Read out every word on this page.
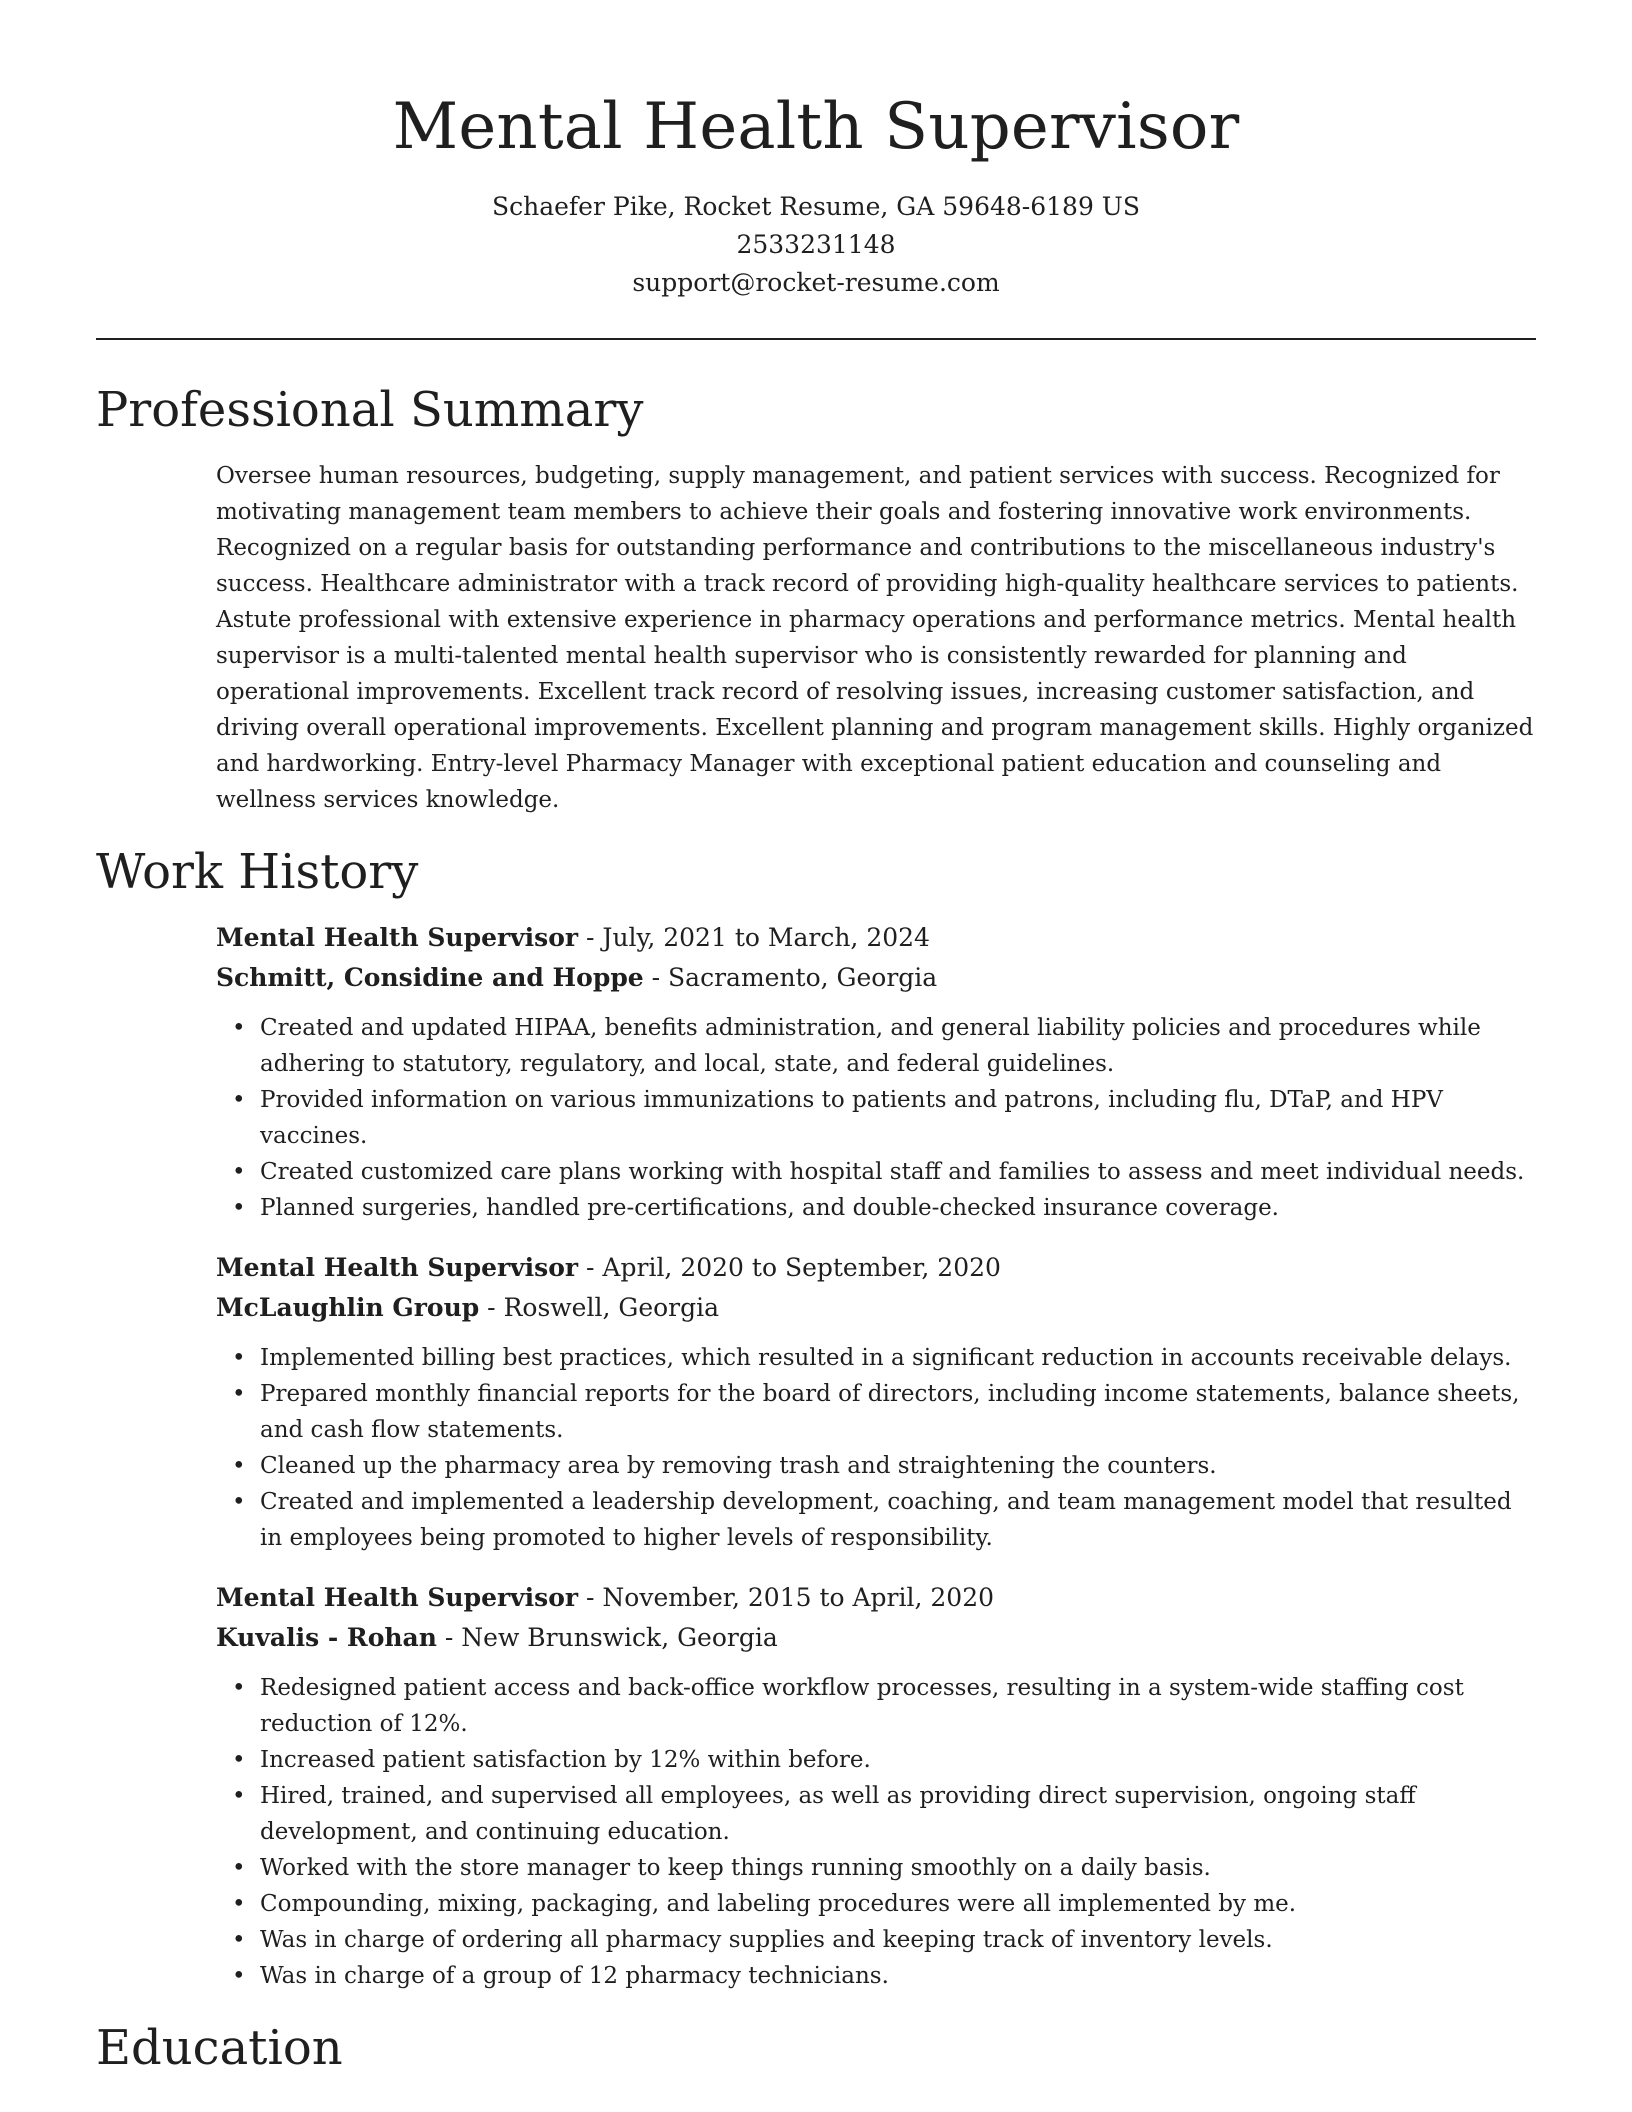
Mental Health Supervisor
Schaefer Pike, Rocket Resume, GA 59648-6189 US
2533231148
support@rocket-resume.com
Professional Summary

Oversee human resources, budgeting, supply management, and patient services with success. Recognized for motivating management team members to achieve their goals and fostering innovative work environments. Recognized on a regular basis for outstanding performance and contributions to the miscellaneous industry's success. Healthcare administrator with a track record of providing high-quality healthcare services to patients. Astute professional with extensive experience in pharmacy operations and performance metrics. Mental health supervisor is a multi-talented mental health supervisor who is consistently rewarded for planning and operational improvements. Excellent track record of resolving issues, increasing customer satisfaction, and driving overall operational improvements. Excellent planning and program management skills. Highly organized and hardworking. Entry-level Pharmacy Manager with exceptional patient education and counseling and wellness services knowledge.

Work History
Mental Health Supervisor - July, 2021 to March, 2024
Schmitt, Considine and Hoppe - Sacramento, Georgia
• Created and updated HIPAA, benefits administration, and general liability policies and procedures while adhering to statutory, regulatory, and local, state, and federal guidelines.
• Provided information on various immunizations to patients and patrons, including flu, DTaP, and HPV vaccines.
• Created customized care plans working with hospital staff and families to assess and meet individual needs.
• Planned surgeries, handled pre-certifications, and double-checked insurance coverage.
Mental Health Supervisor - April, 2020 to September, 2020
McLaughlin Group - Roswell, Georgia
• Implemented billing best practices, which resulted in a significant reduction in accounts receivable delays.
• Prepared monthly financial reports for the board of directors, including income statements, balance sheets, and cash flow statements.
• Cleaned up the pharmacy area by removing trash and straightening the counters.
• Created and implemented a leadership development, coaching, and team management model that resulted in employees being promoted to higher levels of responsibility.
Mental Health Supervisor - November, 2015 to April, 2020
Kuvalis - Rohan - New Brunswick, Georgia
• Redesigned patient access and back-office workflow processes, resulting in a system-wide staffing cost reduction of 12%.
• Increased patient satisfaction by 12% within before.
• Hired, trained, and supervised all employees, as well as providing direct supervision, ongoing staff development, and continuing education.
• Worked with the store manager to keep things running smoothly on a daily basis.
• Compounding, mixing, packaging, and labeling procedures were all implemented by me.
• Was in charge of ordering all pharmacy supplies and keeping track of inventory levels.
• Was in charge of a group of 12 pharmacy technicians.
Education
